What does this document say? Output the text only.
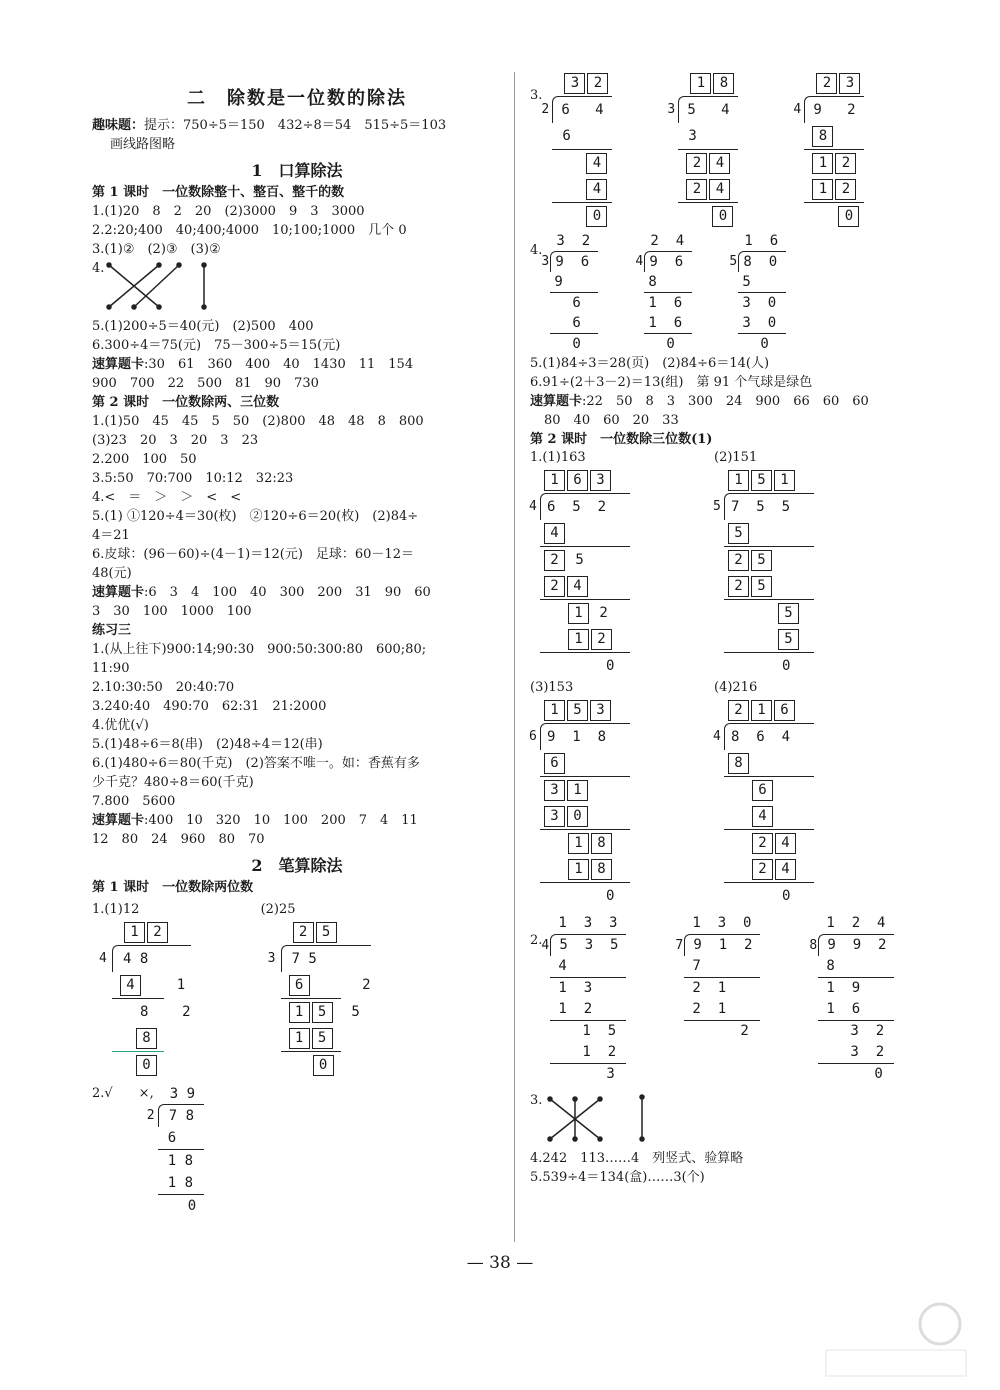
二　除数是一位数的除法
趣味题：提示：750÷5＝150　432÷8＝54　515÷5＝103
画线路图略
1　口算除法
第 1 课时　一位数除整十、整百、整千的数
1.(1)20　8　2　20　(2)3000　9　3　3000
2.2:20;400　40;400;4000　10;100;1000　几个 0
3.(1)②　(2)③　(3)②
4.
5.(1)200÷5＝40(元)　(2)500　400
6.300÷4＝75(元)　75－300÷5＝15(元)
速算题卡:30　61　360　400　40　1430　11　154
900　700　22　500　81　90　730
第 2 课时　一位数除两、三位数
1.(1)50　45　45　5　50　(2)800　48　48　8　800
(3)23　20　3　20　3　23
2.200　100　50
3.5:50　70:700　10:12　32:23
4.<　＝　＞　＞　<　<
5.(1) ①120÷4＝30(枚)　②120÷6＝20(枚)　(2)84÷
4＝21
6.皮球：(96－60)÷(4－1)＝12(元)　足球：60－12＝
48(元)
速算题卡:6　3　4　100　40　300　200　31　90　60
3　30　100　1000　100
练习三
1.(从上往下)900:14;90:30　900:50:300:80　600;80;
11:90
2.10:30:50　20:40:70
3.240:40　490:70　62:31　21:2000
4.优优(√)
5.(1)48÷6＝8(串)　(2)48÷4＝12(串)
6.(1)480÷6＝80(千克)　(2)答案不唯一。如：香蕉有多
少千克？480÷8＝60(千克)
7.800　5600
速算题卡:400　10　320　10　100　200　7　4　11
12　80　24　960　80　70
2　笔算除法
第 1 课时　一位数除两位数
1.(1)12
1 2
4 8
4
4    1
8    2
8
0
(2)25
2 5
7 5
3
6      2
1 5  5
1 5
0
2.√　　×,	3 9
7 8
2
6
1 8
1 8
0
3.
3 2
6   4
2
6
4
4
0
1 8
5   4
3
3
2 4
2 4
0
2 3
9   2
4
8
1 2
1 2
0
4.
3  2
9  6
3
9
6
6
0
2  4
9  6
4
8
1  6
1  6
0
1  6
8  0
5
5
3  0
3  0
0
5.(1)84÷3＝28(页)　(2)84÷6＝14(人)
6.91÷(2＋3－2)＝13(组)　第 91 个气球是绿色
速算题卡:22　50　8　3　300　24　900　66　60　60
80　40　60　20　33
第 2 课时　一位数除三位数(1)
1.(1)163
1 6 3
6  5  2
4
4
2 5
2 4
1 2
1 2
0
(2)151
1 5 1
7  5  5
5
5
2 5
2 5
5
5
0
(3)153
1 5 3
9  1  8
6
6
3 1
3 0
1 8
1 8
0
(4)216
2 1 6
8  6  4
4
8
6
4
2 4
2 4
0
2.
1  3  3
5  3  5
4
4
1  3
1  2
1  5
1  2
3
1  3  0
9  1  2
7
7
2  1
2  1
2
1  2  4
9  9  2
8
8
1  9
1  6
3  2
3  2
0
3.
4.242　113……4　列竖式、验算略
5.539÷4＝134(盒)……3(个)
— 38 —
